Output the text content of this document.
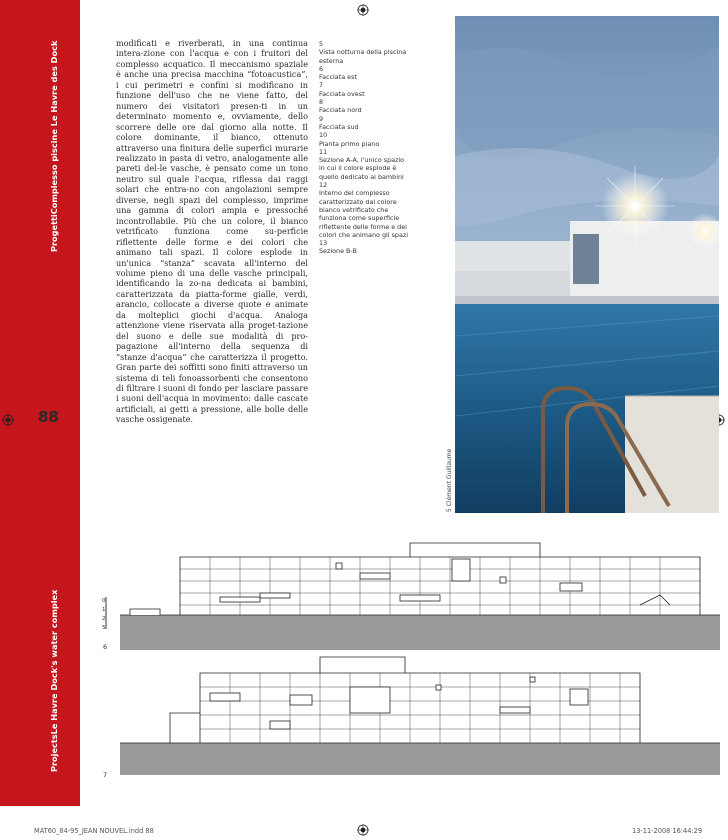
ProgettiComplesso piscine Le Havre des Dock
ProjectsLe Havre Dock's water complex
88
modificati e riverberati, in una continua intera-zione con l'acqua e con i fruitori del complesso acquatico. Il meccanismo spaziale è anche una precisa macchina “fotoacustica”, i cui perimetri e confini si modificano in funzione dell'uso che ne viene fatto, del numero dei visitatori presen-ti in un determinato momento e, ovviamente, dello scorrere delle ore dal giorno alla notte. Il colore dominante, il bianco, ottenuto attraverso una finitura delle superfici murarie realizzato in pasta di vetro, analogamente alle pareti del-le vasche, è pensato come un tono neutro sul quale l'acqua, riflessa dai raggi solari che entra-no con angolazioni sempre diverse, negli spazi del complesso, imprime una gamma di colori ampia e pressoché incontrollabile. Più che un colore, il bianco vetrificato funziona come su-perficie riflettente delle forme e dei colori che animano tali spazi. Il colore esplode in un'unica “stanza” scavata all'interno del volume pieno di una delle vasche principali, identificando la zo-na dedicata ai bambini, caratterizzata da piatta-forme gialle, verdi, arancio, collocate a diverse quote e animate da molteplici giochi d'acqua. Analoga attenzione viene riservata alla proget-tazione del suono e delle sue modalità di pro-pagazione all'interno della sequenza di “stanze d'acqua” che caratterizza il progetto. Gran parte dei soffitti sono finiti attraverso un sistema di teli fonoassorbenti che consentono di filtrare i suoni di fondo per lasciare passare i suoni dell'acqua in movimento: dalle cascate artificiali, ai getti a pressione, alle bolle delle vasche ossigenate.
5
Vista notturna della piscina esterna
6
Facciata est
7
Facciata ovest
8
Facciata nord
9
Facciata sud
10
Pianta primo piano
11
Sezione A-A, l'unico spazio in cui il colore esplode è quello dedicato ai bambini
12
Interno del complesso caratterizzato dal colore bianco vetrificato che funziona come superficie riflettente delle forme e dei colori che animano gli spazi
13
Sezione B-B
5 Clément Guillaume
0
1
2
5
6
7
MAT60_84-95_JEAN NOUVEL.indd 88	13-11-2008 16:44:29
